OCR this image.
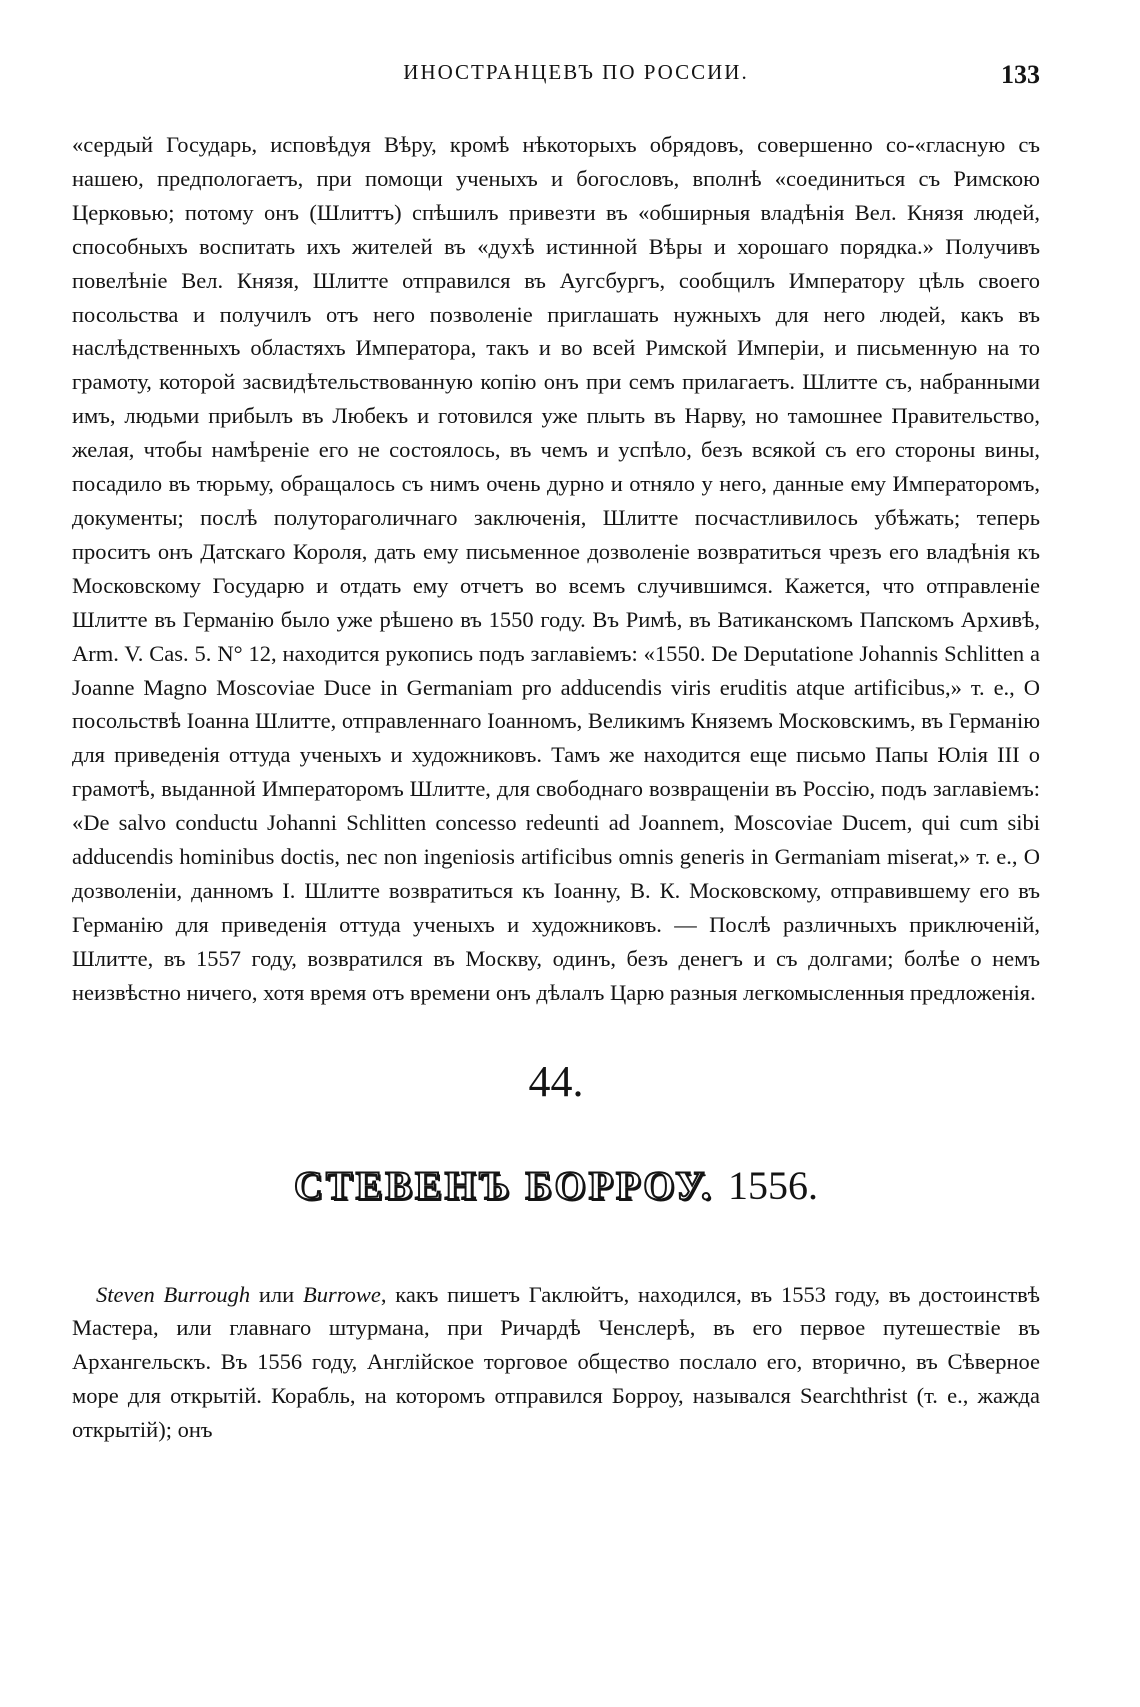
ИНОСТРАНЦЕВЪ ПО РОССИИ.	133

«сердый Государь, исповѣдуя Вѣру, кромѣ нѣкоторыхъ обрядовъ, совершенно со-«гласную съ нашею, предпологаетъ, при помощи ученыхъ и богословъ, вполнѣ «соединиться съ Римскою Церковью; потому онъ (Шлиттъ) спѣшилъ привезти въ «обширныя владѣнія Вел. Князя людей, способныхъ воспитать ихъ жителей въ «духѣ истинной Вѣры и хорошаго порядка.» Получивъ повелѣніе Вел. Князя, Шлитте отправился въ Аугсбургъ, сообщилъ Императору цѣль своего посольства и получилъ отъ него позволеніе приглашать нужныхъ для него людей, какъ въ наслѣдственныхъ областяхъ Императора, такъ и во всей Римской Имперіи, и письменную на то грамоту, которой засвидѣтельствованную копію онъ при семъ прилагаетъ. Шлитте съ, набранными имъ, людьми прибылъ въ Любекъ и готовился уже плыть въ Нарву, но тамошнее Правительство, желая, чтобы намѣреніе его не состоялось, въ чемъ и успѣло, безъ всякой съ его стороны вины, посадило въ тюрьму, обращалось съ нимъ очень дурно и отняло у него, данные ему Императоромъ, документы; послѣ полутораголичнаго заключенія, Шлитте посчастливилось убѣжать; теперь проситъ онъ Датскаго Короля, дать ему письменное дозволеніе возвратиться чрезъ его владѣнія къ Московскому Государю и отдать ему отчетъ во всемъ случившимся. Кажется, что отправленіе Шлитте въ Германію было уже рѣшено въ 1550 году. Въ Римѣ, въ Ватиканскомъ Папскомъ Архивѣ, Arm. V. Cas. 5. N° 12, находится рукопись подъ заглавіемъ: «1550. De Deputatione Johannis Schlitten a Joanne Magno Moscoviae Duce in Germaniam pro adducendis viris eruditis atque artificibus,» т. е., О посольствѣ Іоанна Шлитте, отправленнаго Іоанномъ, Великимъ Княземъ Московскимъ, въ Германію для приведенія оттуда ученыхъ и художниковъ. Тамъ же находится еще письмо Папы Юлія III о грамотѣ, выданной Императоромъ Шлитте, для свободнаго возвращеніи въ Россію, подъ заглавіемъ: «De salvo conductu Johanni Schlitten concesso redeunti ad Joannem, Moscoviae Ducem, qui cum sibi adducendis hominibus doctis, nec non ingeniosis artificibus omnis generis in Germaniam miserat,» т. е., О дозволеніи, данномъ І. Шлитте возвратиться къ Іоанну, В. К. Московскому, отправившему его въ Германію для приведенія оттуда ученыхъ и художниковъ. — Послѣ различныхъ приключеній, Шлитте, въ 1557 году, возвратился въ Москву, одинъ, безъ денегъ и съ долгами; болѣе о немъ неизвѣстно ничего, хотя время отъ времени онъ дѣлалъ Царю разныя легкомысленныя предложенія.

44.
СТЕВЕНЪ БОРРОУ. 1556.

Steven Burrough или Burrowe, какъ пишетъ Гаклюйтъ, находился, въ 1553 году, въ достоинствѣ Мастера, или главнаго штурмана, при Ричардѣ Ченслерѣ, въ его первое путешествіе въ Архангельскъ. Въ 1556 году, Англійское торговое общество послало его, вторично, въ Сѣверное море для открытій. Корабль, на которомъ отправился Борроу, назывался Searchthrist (т. е., жажда открытій); онъ
